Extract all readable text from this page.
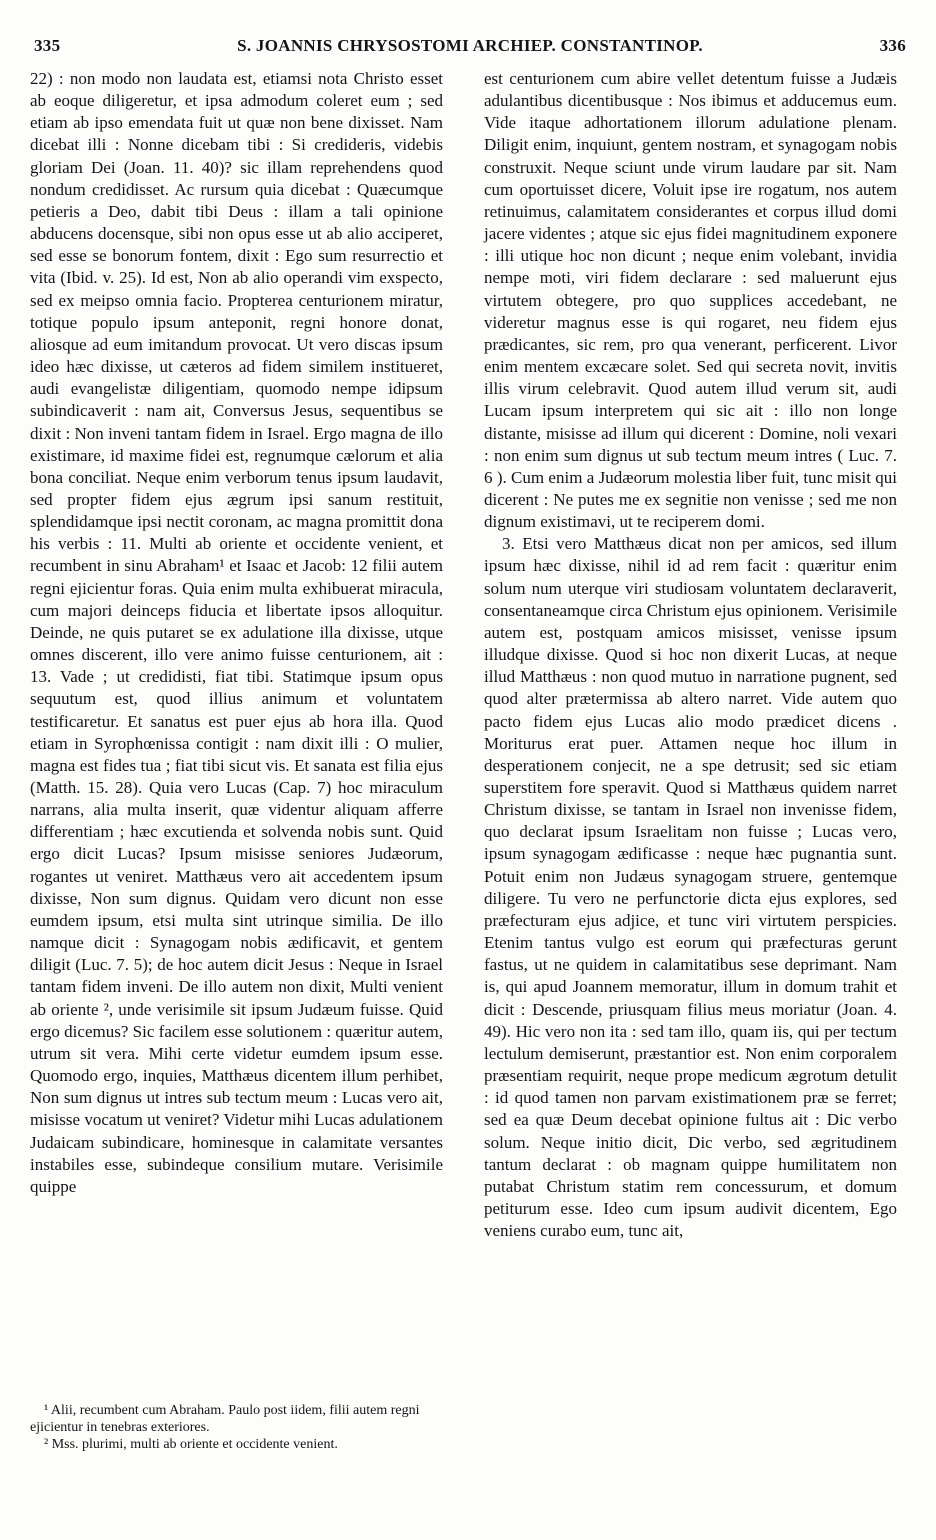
335	S. JOANNIS CHRYSOSTOMI ARCHIEP. CONSTANTINOP.	336

22) : non modo non laudata est, etiamsi nota Christo esset ab eoque diligeretur, et ipsa admodum coleret eum ; sed etiam ab ipso emendata fuit ut quæ non bene dixisset. Nam dicebat illi : Nonne dicebam tibi : Si credideris, videbis gloriam Dei (Joan. 11. 40)? sic illam reprehendens quod nondum credidisset. Ac rursum quia dicebat : Quæcumque petieris a Deo, dabit tibi Deus : illam a tali opinione abducens docensque, sibi non opus esse ut ab alio acciperet, sed esse se bonorum fontem, dixit : Ego sum resurrectio et vita (Ibid. v. 25). Id est, Non ab alio operandi vim exspecto, sed ex meipso omnia facio. Propterea centurionem miratur, totique populo ipsum anteponit, regni honore donat, aliosque ad eum imitandum provocat. Ut vero discas ipsum ideo hæc dixisse, ut cæteros ad fidem similem institueret, audi evangelistæ diligentiam, quomodo nempe idipsum subindicaverit : nam ait, Conversus Jesus, sequentibus se dixit : Non inveni tantam fidem in Israel. Ergo magna de illo existimare, id maxime fidei est, regnumque cælorum et alia bona conciliat. Neque enim verborum tenus ipsum laudavit, sed propter fidem ejus ægrum ipsi sanum restituit, splendidamque ipsi nectit coronam, ac magna promittit dona his verbis : 11. Multi ab oriente et occidente venient, et recumbent in sinu Abraham¹ et Isaac et Jacob: 12 filii autem regni ejicientur foras. Quia enim multa exhibuerat miracula, cum majori deinceps fiducia et libertate ipsos alloquitur. Deinde, ne quis putaret se ex adulatione illa dixisse, utque omnes discerent, illo vere animo fuisse centurionem, ait : 13. Vade ; ut credidisti, fiat tibi. Statimque ipsum opus sequutum est, quod illius animum et voluntatem testificaretur. Et sanatus est puer ejus ab hora illa. Quod etiam in Syrophœnissa contigit : nam dixit illi : O mulier, magna est fides tua ; fiat tibi sicut vis. Et sanata est filia ejus (Matth. 15. 28). Quia vero Lucas (Cap. 7) hoc miraculum narrans, alia multa inserit, quæ videntur aliquam afferre differentiam ; hæc excutienda et solvenda nobis sunt. Quid ergo dicit Lucas? Ipsum misisse seniores Judæorum, rogantes ut veniret. Matthæus vero ait accedentem ipsum dixisse, Non sum dignus. Quidam vero dicunt non esse eumdem ipsum, etsi multa sint utrinque similia. De illo namque dicit : Synagogam nobis ædificavit, et gentem diligit (Luc. 7. 5); de hoc autem dicit Jesus : Neque in Israel tantam fidem inveni. De illo autem non dixit, Multi venient ab oriente ², unde verisimile sit ipsum Judæum fuisse. Quid ergo dicemus? Sic facilem esse solutionem : quæritur autem, utrum sit vera. Mihi certe videtur eumdem ipsum esse. Quomodo ergo, inquies, Matthæus dicentem illum perhibet, Non sum dignus ut intres sub tectum meum : Lucas vero ait, misisse vocatum ut veniret? Videtur mihi Lucas adulationem Judaicam subindicare, hominesque in calamitate versantes instabiles esse, subindeque consilium mutare. Verisimile quippe

est centurionem cum abire vellet detentum fuisse a Judæis adulantibus dicentibusque : Nos ibimus et adducemus eum. Vide itaque adhortationem illorum adulatione plenam. Diligit enim, inquiunt, gentem nostram, et synagogam nobis construxit. Neque sciunt unde virum laudare par sit. Nam cum oportuisset dicere, Voluit ipse ire rogatum, nos autem retinuimus, calamitatem considerantes et corpus illud domi jacere videntes ; atque sic ejus fidei magnitudinem exponere : illi utique hoc non dicunt ; neque enim volebant, invidia nempe moti, viri fidem declarare : sed maluerunt ejus virtutem obtegere, pro quo supplices accedebant, ne videretur magnus esse is qui rogaret, neu fidem ejus prædicantes, sic rem, pro qua venerant, perficerent. Livor enim mentem excæcare solet. Sed qui secreta novit, invitis illis virum celebravit. Quod autem illud verum sit, audi Lucam ipsum interpretem qui sic ait : illo non longe distante, misisse ad illum qui dicerent : Domine, noli vexari : non enim sum dignus ut sub tectum meum intres ( Luc. 7. 6 ). Cum enim a Judæorum molestia liber fuit, tunc misit qui dicerent : Ne putes me ex segnitie non venisse ; sed me non dignum existimavi, ut te reciperem domi.

3. Etsi vero Matthæus dicat non per amicos, sed illum ipsum hæc dixisse, nihil id ad rem facit : quæritur enim solum num uterque viri studiosam voluntatem declaraverit, consentaneamque circa Christum ejus opinionem. Verisimile autem est, postquam amicos misisset, venisse ipsum illudque dixisse. Quod si hoc non dixerit Lucas, at neque illud Matthæus : non quod mutuo in narratione pugnent, sed quod alter prætermissa ab altero narret. Vide autem quo pacto fidem ejus Lucas alio modo prædicet dicens . Moriturus erat puer. Attamen neque hoc illum in desperationem conjecit, ne a spe detrusit; sed sic etiam superstitem fore speravit. Quod si Matthæus quidem narret Christum dixisse, se tantam in Israel non invenisse fidem, quo declarat ipsum Israelitam non fuisse ; Lucas vero, ipsum synagogam ædificasse : neque hæc pugnantia sunt. Potuit enim non Judæus synagogam struere, gentemque diligere. Tu vero ne perfunctorie dicta ejus explores, sed præfecturam ejus adjice, et tunc viri virtutem perspicies. Etenim tantus vulgo est eorum qui præfecturas gerunt fastus, ut ne quidem in calamitatibus sese deprimant. Nam is, qui apud Joannem memoratur, illum in domum trahit et dicit : Descende, priusquam filius meus moriatur (Joan. 4. 49). Hic vero non ita : sed tam illo, quam iis, qui per tectum lectulum demiserunt, præstantior est. Non enim corporalem præsentiam requirit, neque prope medicum ægrotum detulit : id quod tamen non parvam existimationem præ se ferret; sed ea quæ Deum decebat opinione fultus ait : Dic verbo solum. Neque initio dicit, Dic verbo, sed ægritudinem tantum declarat : ob magnam quippe humilitatem non putabat Christum statim rem concessurum, et domum petiturum esse. Ideo cum ipsum audivit dicentem, Ego veniens curabo eum, tunc ait,

¹ Alii, recumbent cum Abraham. Paulo post iidem, filii autem regni ejicientur in tenebras exteriores.

² Mss. plurimi, multi ab oriente et occidente venient.
